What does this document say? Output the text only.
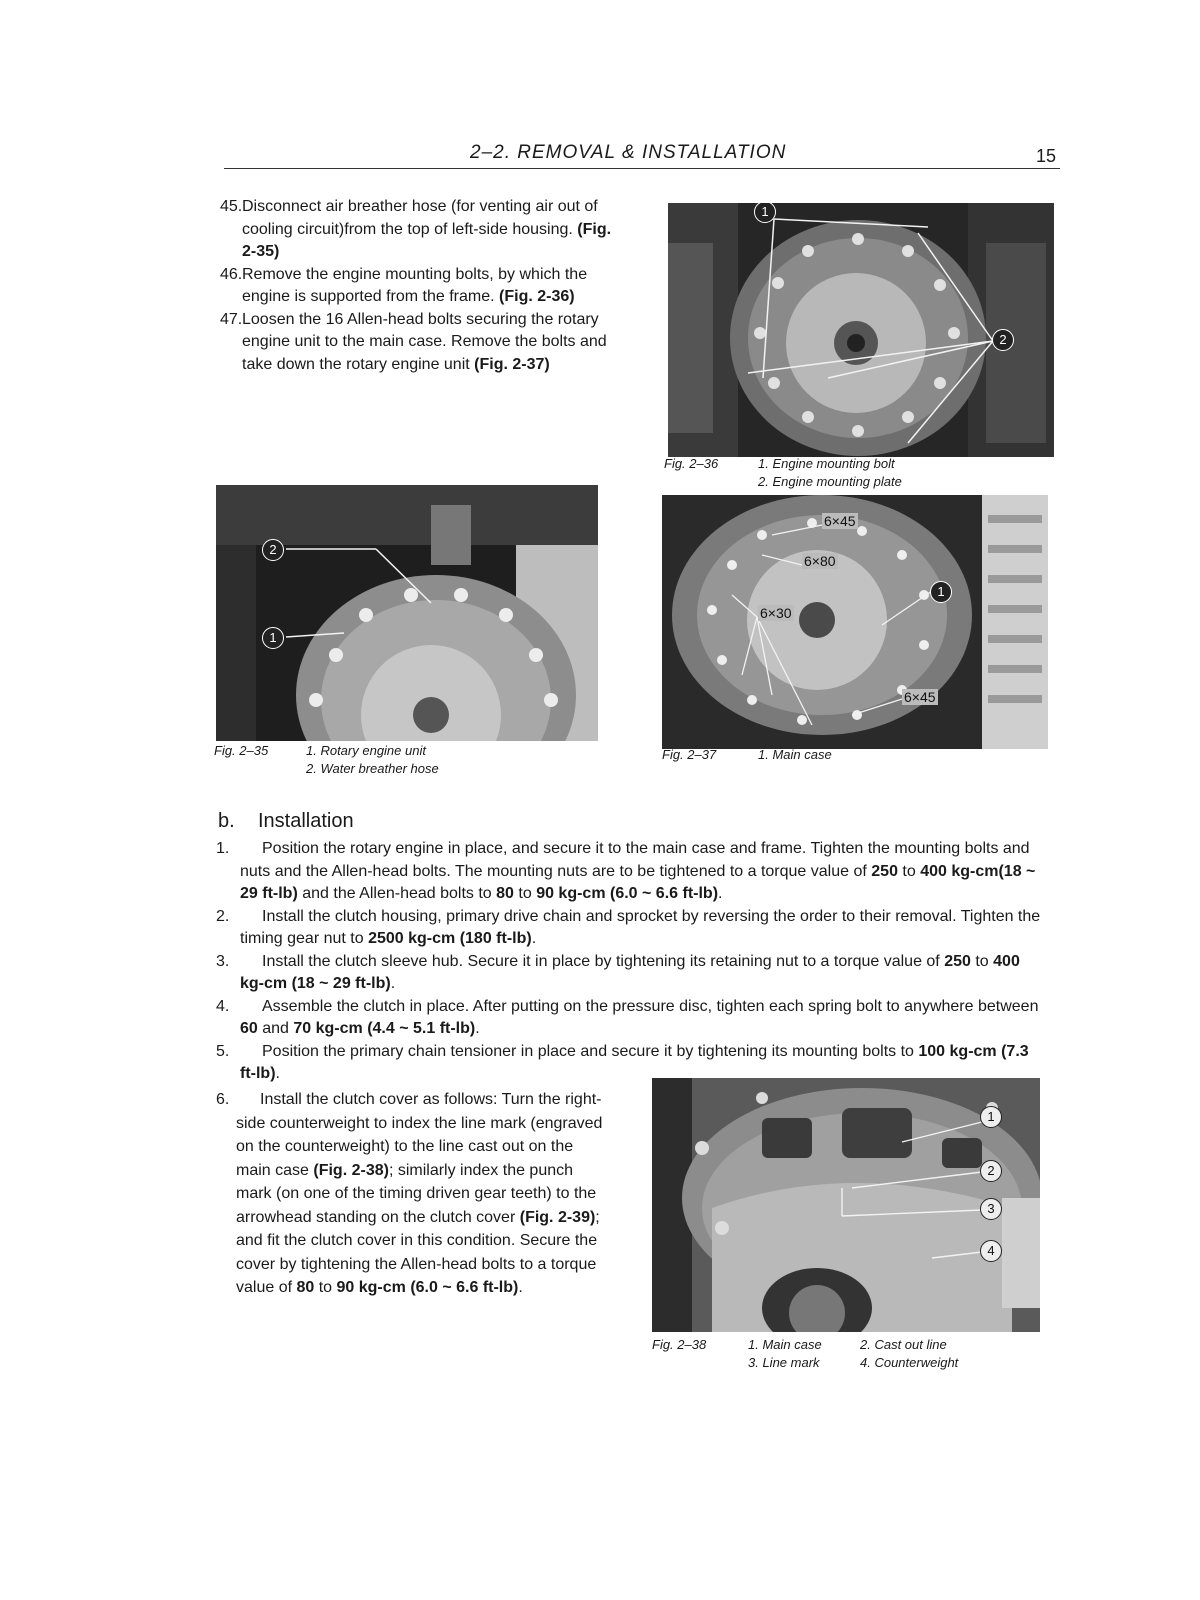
2–2. REMOVAL & INSTALLATION	15
45.Disconnect air breather hose (for venting air out of cooling circuit)from the top of left-side housing. (Fig. 2-35)
46.Remove the engine mounting bolts, by which the engine is supported from the frame. (Fig. 2-36)
47.Loosen the 16 Allen-head bolts securing the rotary engine unit to the main case. Remove the bolts and take down the rotary engine unit (Fig. 2-37)
1
2
Fig. 2–36	1. Engine mounting bolt
2. Engine mounting plate
2
1
Fig. 2–35	1. Rotary engine unit
2. Water breather hose
6×45
6×80
6×30
6×45
1
Fig. 2–37	1. Main case
b. Installation
1. Position the rotary engine in place, and secure it to the main case and frame. Tighten the mounting bolts and nuts and the Allen-head bolts. The mounting nuts are to be tightened to a torque value of 250 to 400 kg-cm(18 ~ 29 ft-lb) and the Allen-head bolts to 80 to 90 kg-cm (6.0 ~ 6.6 ft-lb).
2. Install the clutch housing, primary drive chain and sprocket by reversing the order to their removal. Tighten the timing gear nut to 2500 kg-cm (180 ft-lb).
3. Install the clutch sleeve hub. Secure it in place by tightening its retaining nut to a torque value of 250 to 400 kg-cm (18 ~ 29 ft-lb).
4. Assemble the clutch in place. After putting on the pressure disc, tighten each spring bolt to anywhere between 60 and 70 kg-cm (4.4 ~ 5.1 ft-lb).
5. Position the primary chain tensioner in place and secure it by tightening its mounting bolts to 100 kg-cm (7.3 ft-lb).
6. Install the clutch cover as follows: Turn the right-side counterweight to index the line mark (engraved on the counterweight) to the line cast out on the main case (Fig. 2-38); similarly index the punch mark (on one of the timing driven gear teeth) to the arrowhead standing on the clutch cover (Fig. 2-39); and fit the clutch cover in this condition. Secure the cover by tightening the Allen-head bolts to a torque value of 80 to 90 kg-cm (6.0 ~ 6.6 ft-lb).
1
2
3
4
Fig. 2–38	1. Main case	2. Cast out line
3. Line mark	4. Counterweight
